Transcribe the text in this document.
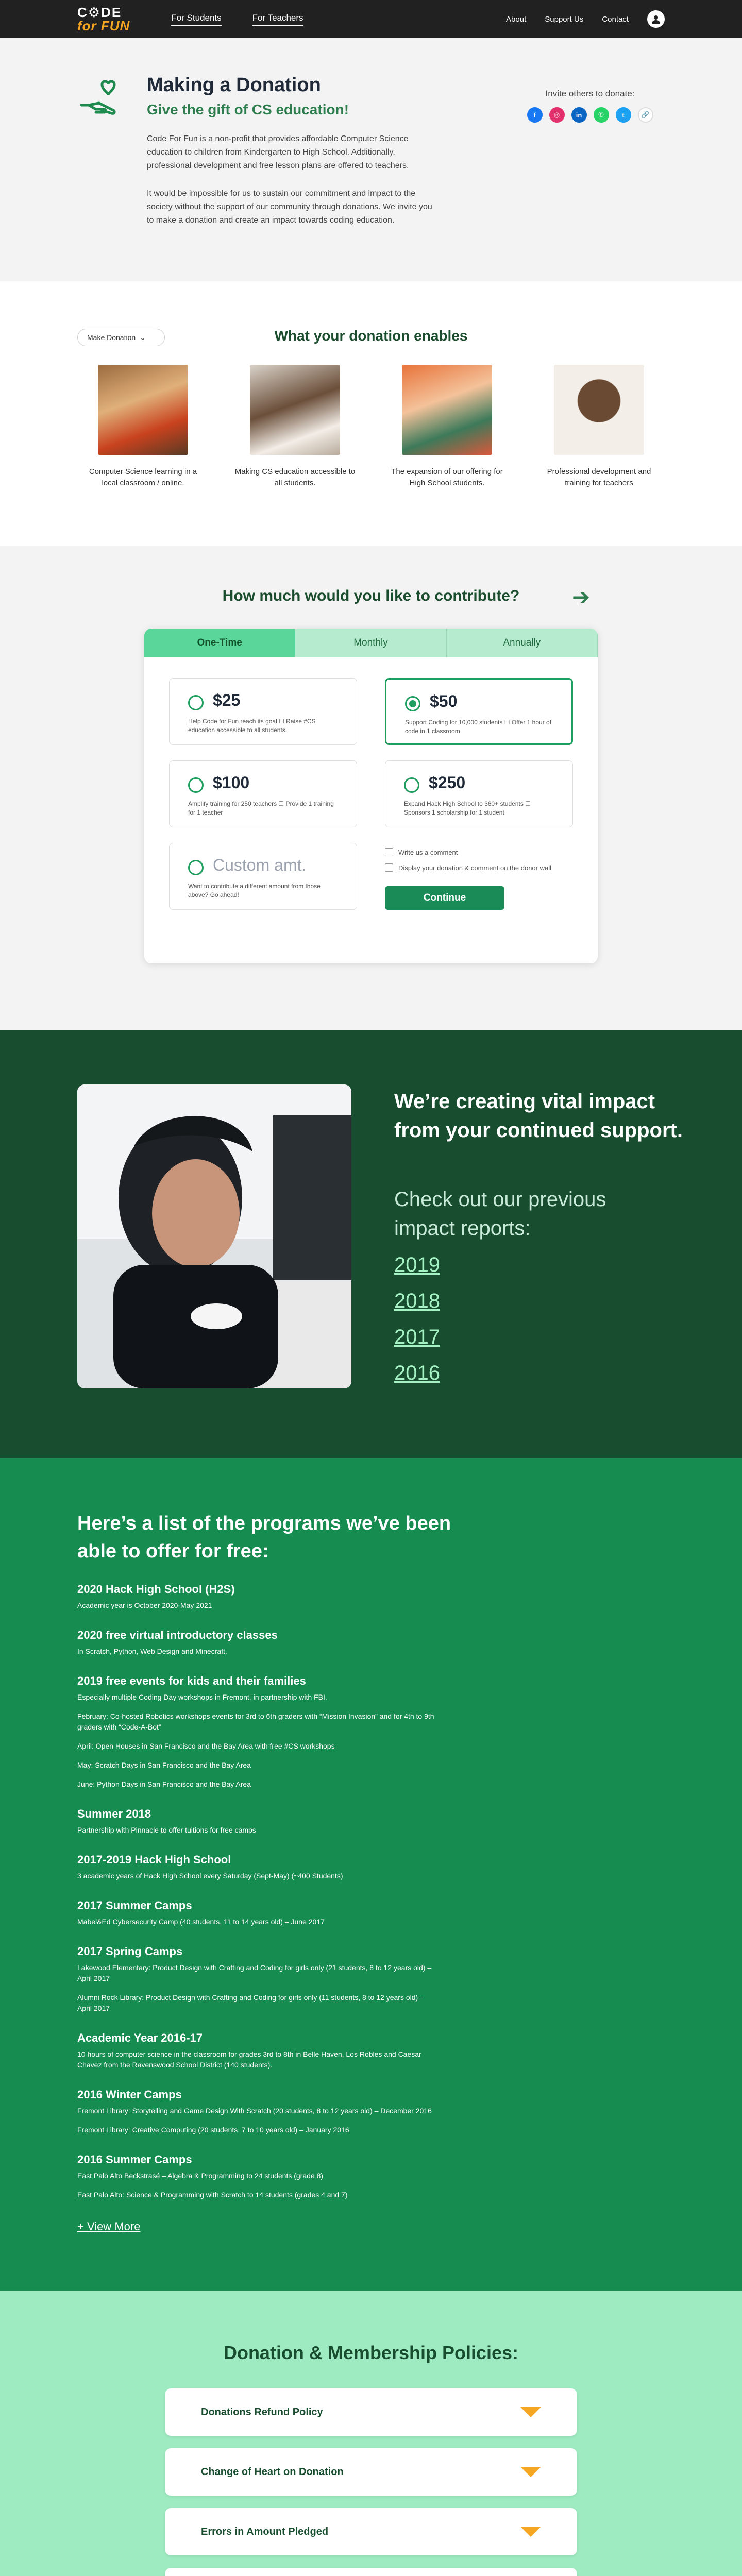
C⚙DE
for FUN
For Students	For Teachers	About Support Us Contact
Making a Donation
Give the gift of CS education!

Code For Fun is a non-profit that provides affordable Computer Science education to children from Kindergarten to High School. Additionally, professional development and free lesson plans are offered to teachers.

It would be impossible for us to sustain our commitment and impact to the society without the support of our community through donations. We invite you to make a donation and create an impact towards coding education.

Invite others to donate:
f	◎	in	✆	t	🔗
Make Donation ⌄	What your donation enables
Computer Science learning in a local classroom / online.
Making CS education accessible to all students.
The expansion of our offering for High School students.
Professional development and training for teachers
How much would you like to contribute?	➔
One-Time	Monthly	Annually
$25
Help Code for Fun reach its goal ☐ Raise #CS education accessible to all students.
$50
Support Coding for 10,000 students ☐ Offer 1 hour of code in 1 classroom
$100
Amplify training for 250 teachers ☐ Provide 1 training for 1 teacher
$250
Expand Hack High School to 360+ students ☐ Sponsors 1 scholarship for 1 student
Custom amt.
Want to contribute a different amount from those above? Go ahead!
Write us a comment
Display your donation & comment on the donor wall
Continue
We’re creating vital impact from your continued support.
Check out our previous impact reports:
2019
2018
2017
2016
Here’s a list of the programs we’ve been able to offer for free:
2020 Hack High School (H2S)
Academic year is October 2020-May 2021
2020 free virtual introductory classes
In Scratch, Python, Web Design and Minecraft.
2019 free events for kids and their families
Especially multiple Coding Day workshops in Fremont, in partnership with FBI.
February: Co-hosted Robotics workshops events for 3rd to 6th graders with “Mission Invasion” and for 4th to 9th graders with “Code-A-Bot”
April: Open Houses in San Francisco and the Bay Area with free #CS workshops
May: Scratch Days in San Francisco and the Bay Area
June: Python Days in San Francisco and the Bay Area
Summer 2018
Partnership with Pinnacle to offer tuitions for free camps
2017-2019 Hack High School
3 academic years of Hack High School every Saturday (Sept-May) (~400 Students)
2017 Summer Camps
Mabel&Ed Cybersecurity Camp (40 students, 11 to 14 years old) – June 2017
2017 Spring Camps
Lakewood Elementary: Product Design with Crafting and Coding for girls only (21 students, 8 to 12 years old) – April 2017
Alumni Rock Library: Product Design with Crafting and Coding for girls only (11 students, 8 to 12 years old) – April 2017
Academic Year 2016-17
10 hours of computer science in the classroom for grades 3rd to 8th in Belle Haven, Los Robles and Caesar Chavez from the Ravenswood School District (140 students).
2016 Winter Camps
Fremont Library: Storytelling and Game Design With Scratch (20 students, 8 to 12 years old) – December 2016
Fremont Library: Creative Computing (20 students, 7 to 10 years old) – January 2016
2016 Summer Camps
East Palo Alto Beckstrasé – Algebra & Programming to 24 students (grade 8)
East Palo Alto: Science & Programming with Scratch to 14 students (grades 4 and 7)
+ View More
Donation & Membership Policies:
Donations Refund Policy
Change of Heart on Donation
Errors in Amount Pledged
